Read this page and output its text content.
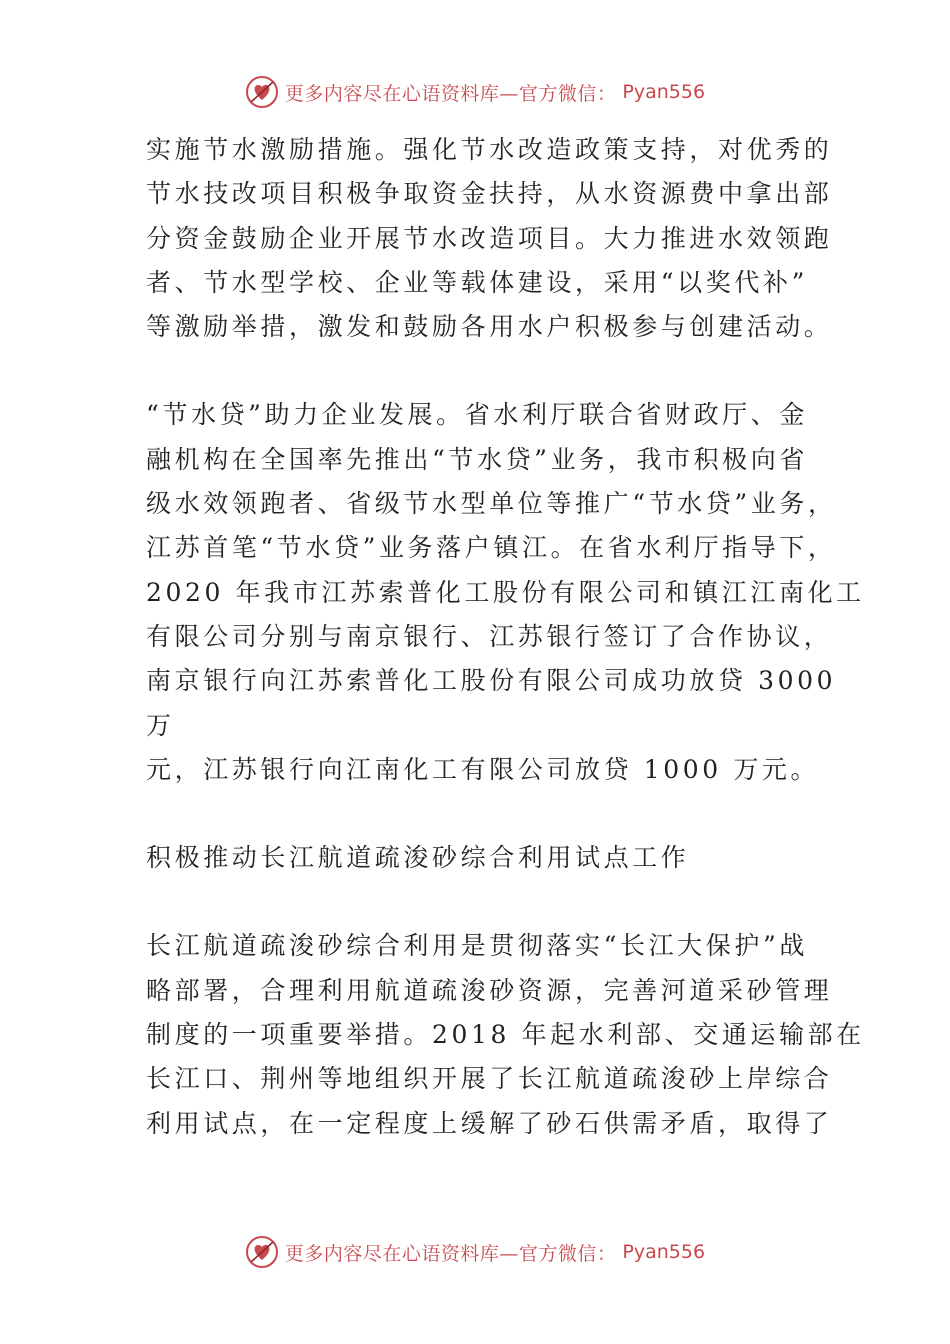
更多内容尽在心语资料库—官方微信： Pyan556

实施节水激励措施。强化节水改造政策支持，对优秀的
节水技改项目积极争取资金扶持，从水资源费中拿出部
分资金鼓励企业开展节水改造项目。大力推进水效领跑
者、节水型学校、企业等载体建设，采用“以奖代补”
等激励举措，激发和鼓励各用水户积极参与创建活动。

“节水贷”助力企业发展。省水利厅联合省财政厅、金
融机构在全国率先推出“节水贷”业务，我市积极向省
级水效领跑者、省级节水型单位等推广“节水贷”业务，
江苏首笔“节水贷”业务落户镇江。在省水利厅指导下，
2020 年我市江苏索普化工股份有限公司和镇江江南化工
有限公司分别与南京银行、江苏银行签订了合作协议，
南京银行向江苏索普化工股份有限公司成功放贷 3000
万
元，江苏银行向江南化工有限公司放贷 1000 万元。

积极推动长江航道疏浚砂综合利用试点工作

长江航道疏浚砂综合利用是贯彻落实“长江大保护”战
略部署，合理利用航道疏浚砂资源，完善河道采砂管理
制度的一项重要举措。2018 年起水利部、交通运输部在
长江口、荆州等地组织开展了长江航道疏浚砂上岸综合
利用试点，在一定程度上缓解了砂石供需矛盾，取得了

更多内容尽在心语资料库—官方微信： Pyan556
